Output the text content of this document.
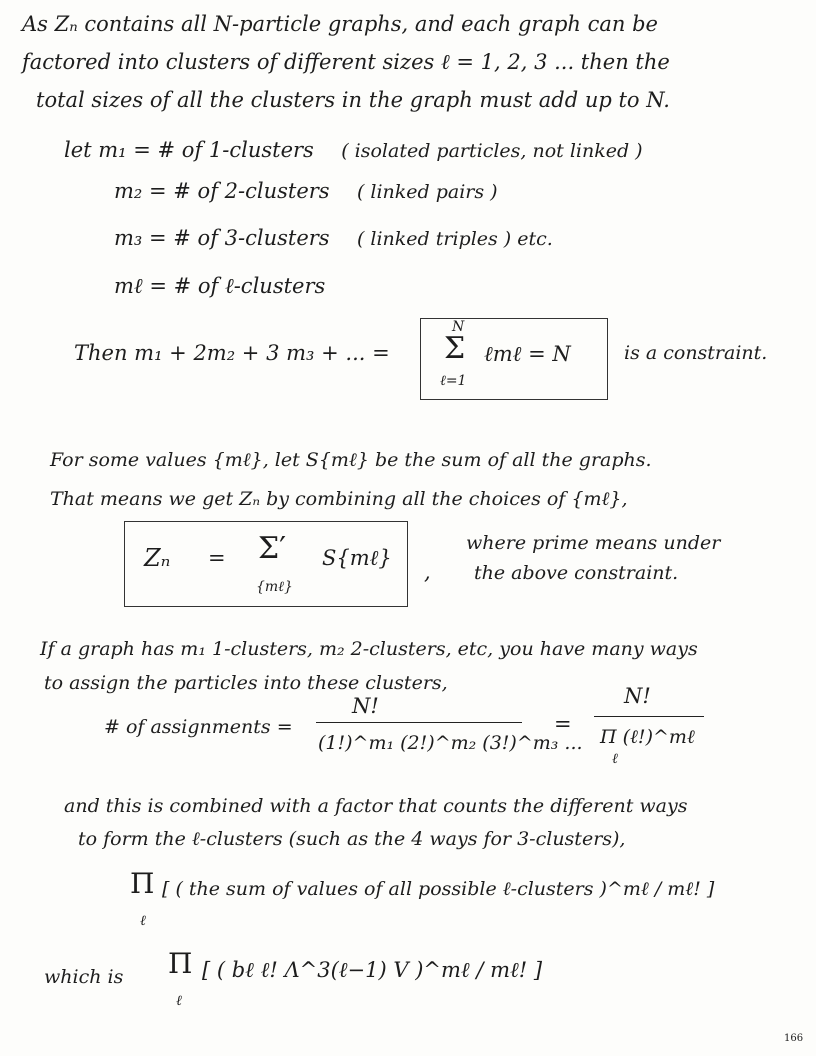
As Zₙ contains all N-particle graphs, and each graph can be
factored into clusters of different sizes ℓ = 1, 2, 3 ... then the
total sizes of all the clusters in the graph must add up to N.
let m₁ = # of 1-clusters ( isolated particles, not linked )
m₂ = # of 2-clusters ( linked pairs )
m₃ = # of 3-clusters ( linked triples ) etc.
mℓ = # of ℓ-clusters
Then m₁ + 2m₂ + 3 m₃ + ... =
N
Σ
ℓ=1
ℓmℓ = N	is a constraint.
For some values {mℓ}, let S{mℓ} be the sum of all the graphs.
That means we get Zₙ by combining all the choices of {mℓ},
Zₙ = Σ′
{mℓ}
S{mℓ}
,
where prime means under
the above constraint.
If a graph has m₁ 1-clusters, m₂ 2-clusters, etc, you have many ways
to assign the particles into these clusters,
# of assignments =
N!
(1!)^m₁ (2!)^m₂ (3!)^m₃ ...
=
N!
Π (ℓ!)^mℓ
ℓ
and this is combined with a factor that counts the different ways
to form the ℓ-clusters (such as the 4 ways for 3-clusters),
Π
ℓ
[ ( the sum of values of all possible ℓ-clusters )^mℓ / mℓ! ]
which is Π
ℓ
[ ( bℓ ℓ! Λ^3(ℓ−1) V )^mℓ / mℓ! ]
166
